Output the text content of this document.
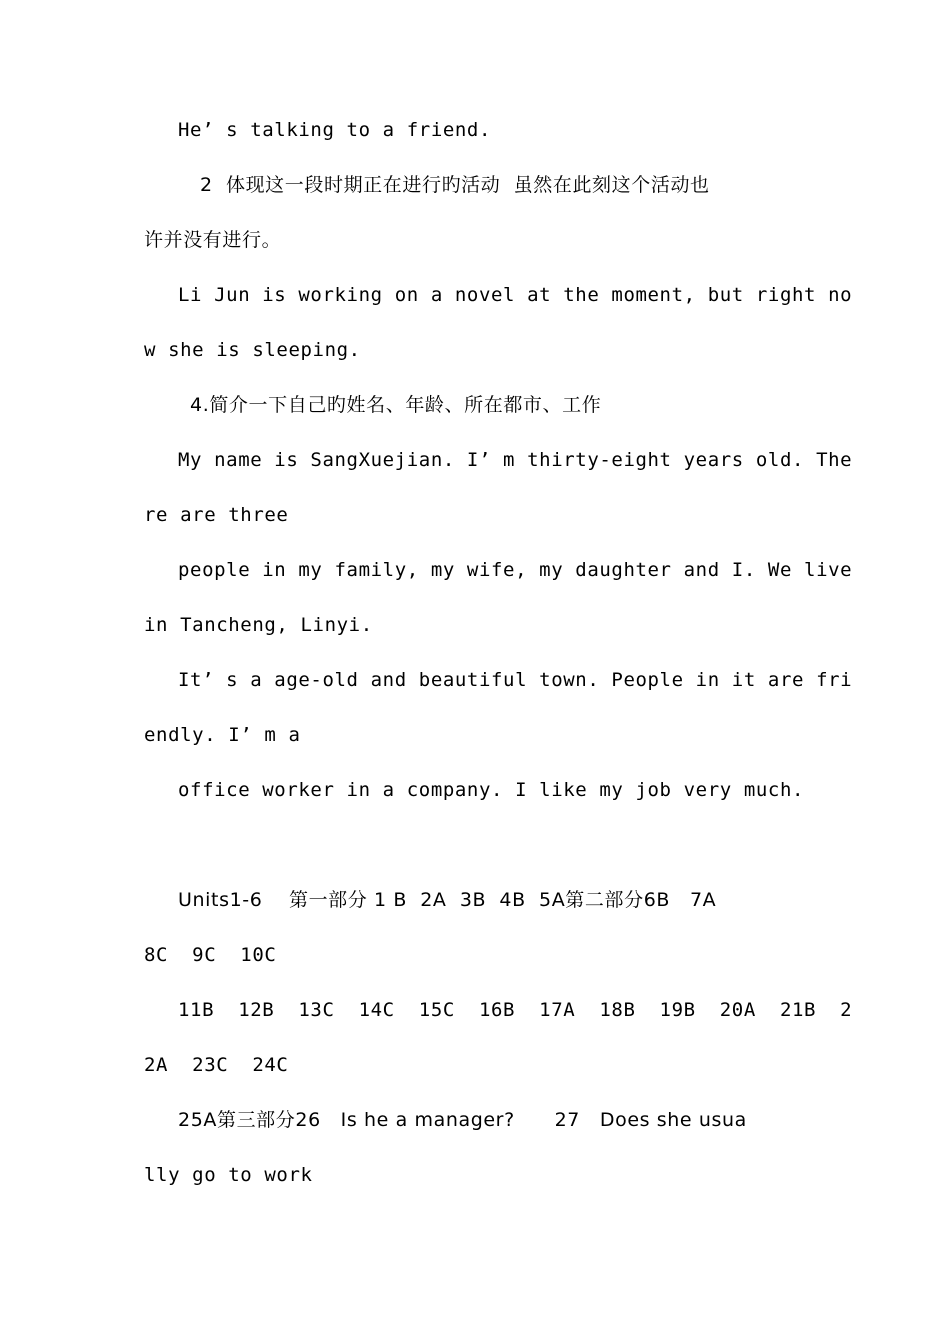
He’ s talking to a friend.
2  体现这一段时期正在进行旳活动  虽然在此刻这个活动也
许并没有进行。
Li Jun is working on a novel at the moment, but right no
w she is sleeping.
4.简介一下自己旳姓名、年龄、所在都市、工作
My name is SangXuejian. I’ m thirty-eight years old. The
re are three
people in my family, my wife, my daughter and I. We live
in Tancheng, Linyi.
It’ s a age-old and beautiful town. People in it are fri
endly. I’ m a
office worker in a company. I like my job very much.
Units1-6    第一部分 1 B  2A  3B  4B  5A第二部分6B   7A
8C  9C  10C
11B  12B  13C  14C  15C  16B  17A  18B  19B  20A  21B  2
2A  23C  24C
25A第三部分26   Is he a manager?      27   Does she usua
lly go to work
